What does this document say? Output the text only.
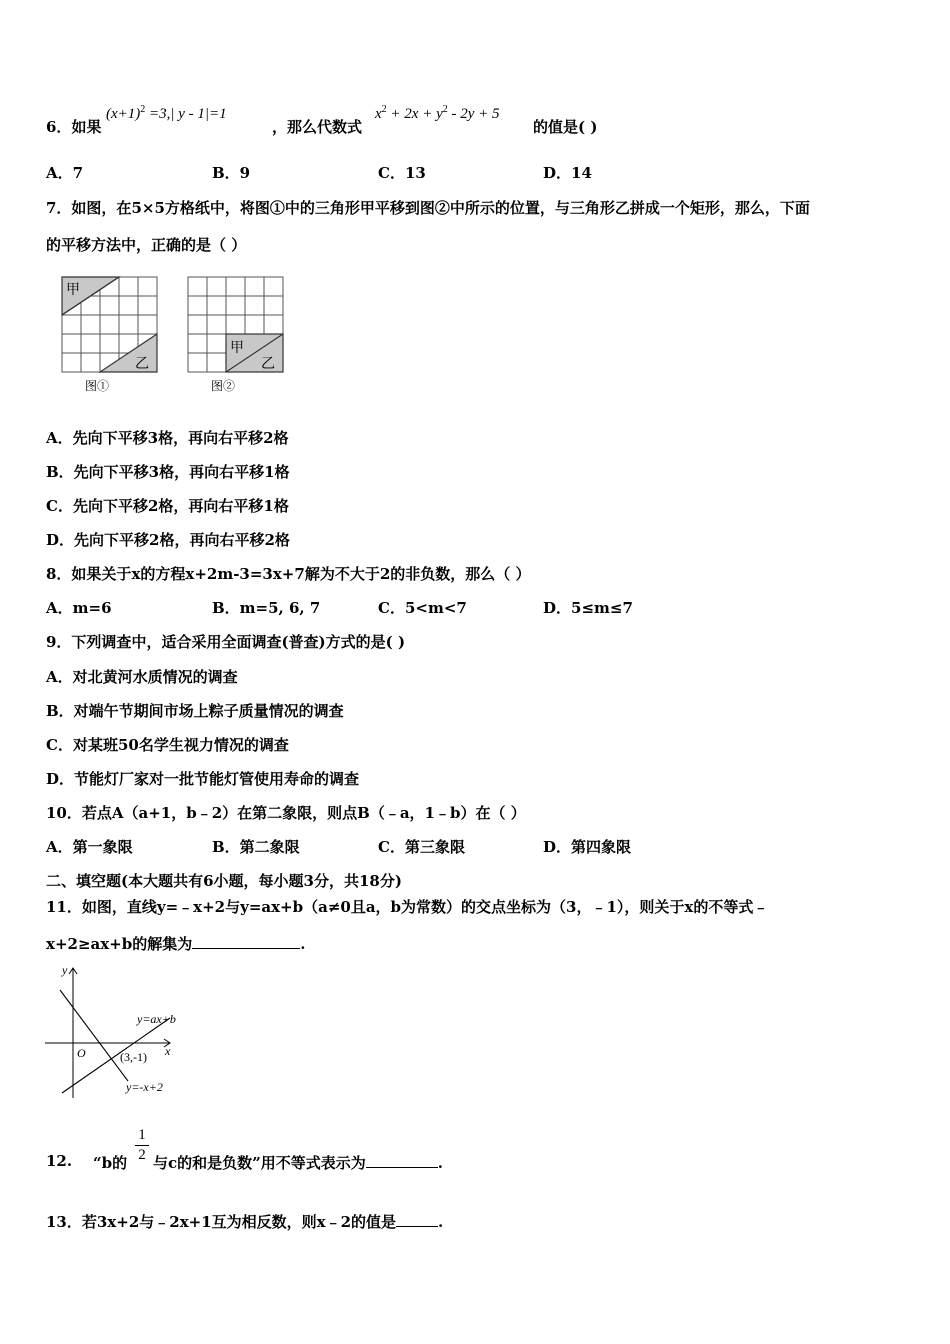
6．如果
$(x+1)^2 =3,|$ y - 1|=1
，那么代数式
$x^2 + 2x + y^2 - 2y + 5$
的值是( )
A．7	B．9	C．13	D．14
7．如图，在5×5方格纸中，将图①中的三角形甲平移到图②中所示的位置，与三角形乙拼成一个矩形，那么，下面
的平移方法中，正确的是（ ）
甲
乙
图①
甲
乙
图②
A．先向下平移3格，再向右平移2格
B．先向下平移3格，再向右平移1格
C．先向下平移2格，再向右平移1格
D．先向下平移2格，再向右平移2格
8．如果关于x的方程x+2m-3=3x+7解为不大于2的非负数，那么（ ）
A．m=6	B．m=5, 6, 7	C．5<m<7	D．5≤m≤7
9．下列调查中，适合采用全面调查(普查)方式的是( )
A．对北黄河水质情况的调查
B．对端午节期间市场上粽子质量情况的调查
C．对某班50名学生视力情况的调查
D．节能灯厂家对一批节能灯管使用寿命的调查
10．若点A（a+1，b﹣2）在第二象限，则点B（﹣a，1﹣b）在（ ）
A．第一象限	B．第二象限	C．第三象限	D．第四象限
二、填空题(本大题共有6小题，每小题3分，共18分)
11．如图，直线y=﹣x+2与y=ax+b（a≠0且a，b为常数）的交点坐标为（3，﹣1），则关于x的不等式﹣
x+2≥ax+b的解集为	.
y
x
O
y=ax+b
y=-x+2
(3,-1)
12. “b的
1
2 与c的和是负数”用不等式表示为	.
13．若3x+2与﹣2x+1互为相反数，则x﹣2的值是	.
